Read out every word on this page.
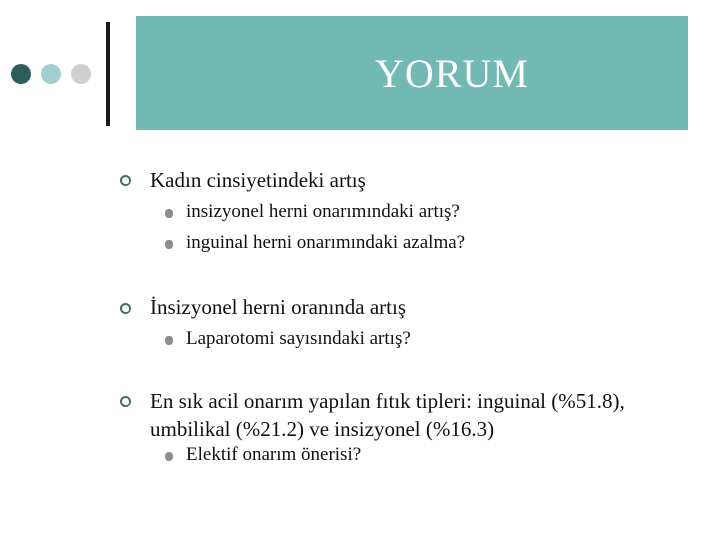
YORUM
Kadın cinsiyetindeki artış
insizyonel herni onarımındaki artış?
inguinal herni onarımındaki azalma?
İnsizyonel herni oranında artış
Laparotomi sayısındaki artış?
En sık acil onarım yapılan fıtık tipleri: inguinal (%51.8), umbilikal (%21.2) ve insizyonel (%16.3)
Elektif onarım önerisi?
